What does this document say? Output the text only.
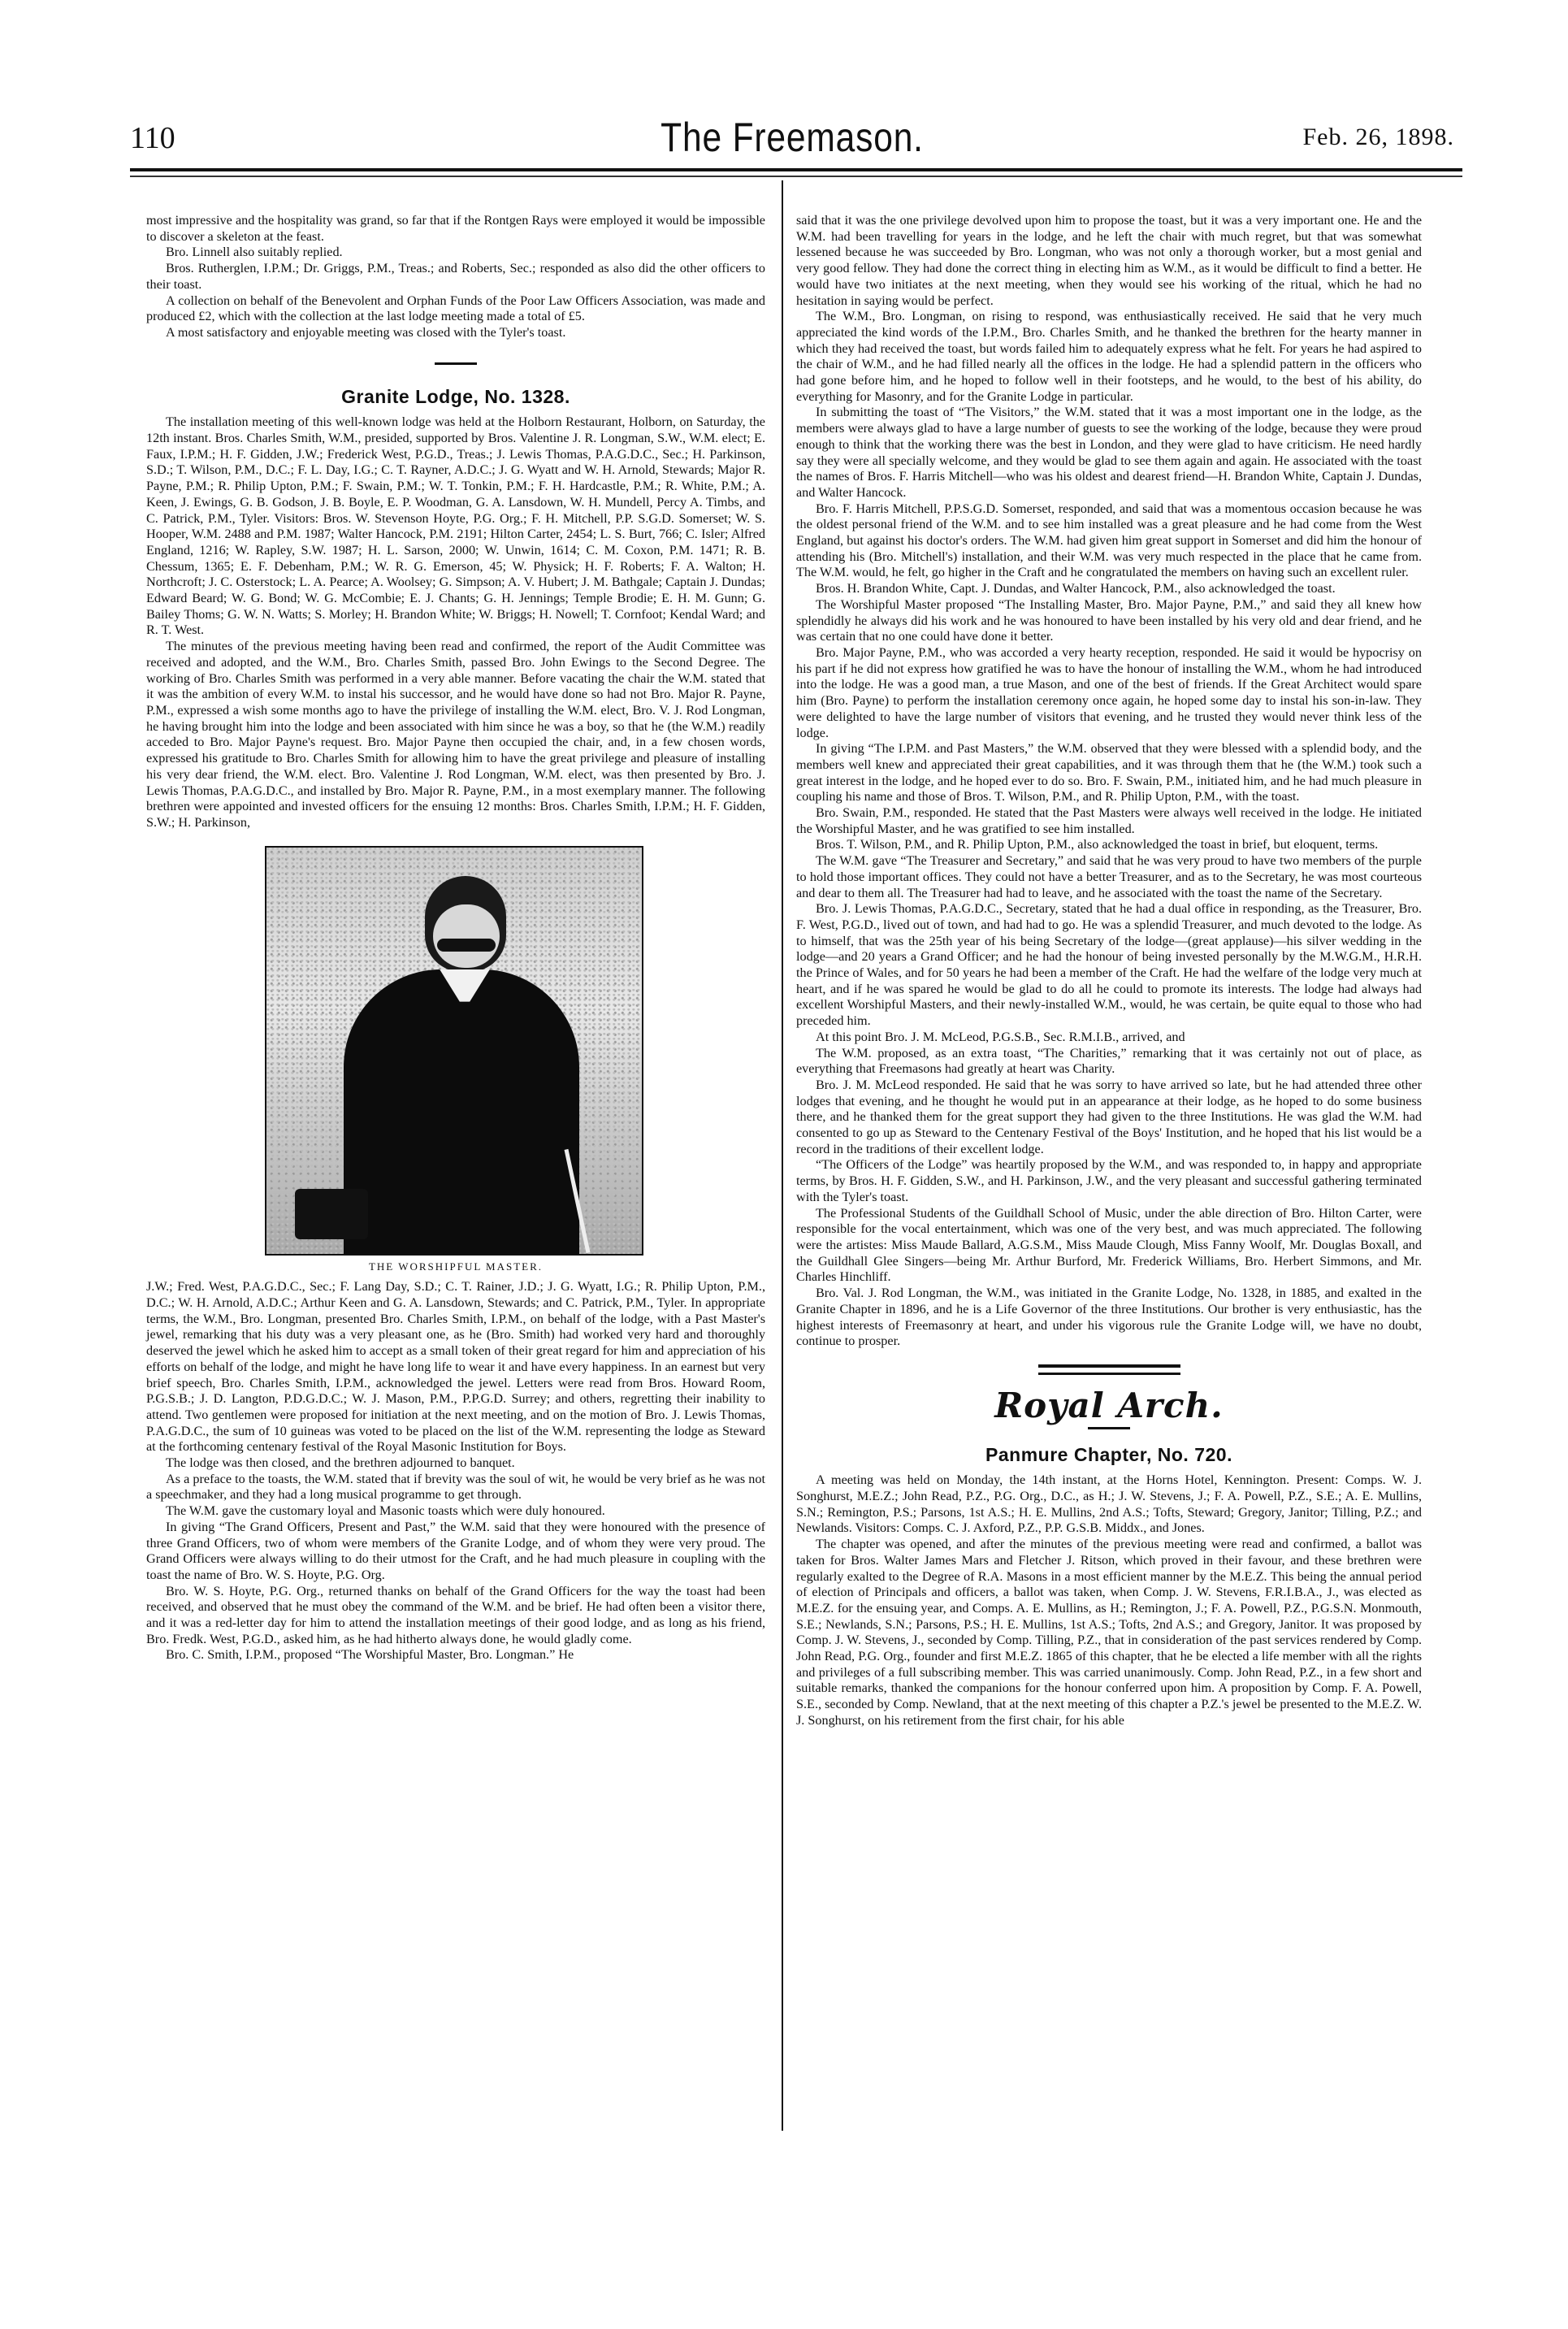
110	The Freemason.	Feb. 26, 1898.

most impressive and the hospitality was grand, so far that if the Rontgen Rays were employed it would be impossible to discover a skeleton at the feast.

Bro. Linnell also suitably replied.

Bros. Rutherglen, I.P.M.; Dr. Griggs, P.M., Treas.; and Roberts, Sec.; responded as also did the other officers to their toast.

A collection on behalf of the Benevolent and Orphan Funds of the Poor Law Officers Association, was made and produced £2, which with the collection at the last lodge meeting made a total of £5.

A most satisfactory and enjoyable meeting was closed with the Tyler's toast.

Granite Lodge, No. 1328.

The installation meeting of this well-known lodge was held at the Holborn Restaurant, Holborn, on Saturday, the 12th instant. Bros. Charles Smith, W.M., presided, supported by Bros. Valentine J. R. Longman, S.W., W.M. elect; E. Faux, I.P.M.; H. F. Gidden, J.W.; Frederick West, P.G.D., Treas.; J. Lewis Thomas, P.A.G.D.C., Sec.; H. Parkinson, S.D.; T. Wilson, P.M., D.C.; F. L. Day, I.G.; C. T. Rayner, A.D.C.; J. G. Wyatt and W. H. Arnold, Stewards; Major R. Payne, P.M.; R. Philip Upton, P.M.; F. Swain, P.M.; W. T. Tonkin, P.M.; F. H. Hardcastle, P.M.; R. White, P.M.; A. Keen, J. Ewings, G. B. Godson, J. B. Boyle, E. P. Woodman, G. A. Lansdown, W. H. Mundell, Percy A. Timbs, and C. Patrick, P.M., Tyler. Visitors: Bros. W. Stevenson Hoyte, P.G. Org.; F. H. Mitchell, P.P. S.G.D. Somerset; W. S. Hooper, W.M. 2488 and P.M. 1987; Walter Hancock, P.M. 2191; Hilton Carter, 2454; L. S. Burt, 766; C. Isler; Alfred England, 1216; W. Rapley, S.W. 1987; H. L. Sarson, 2000; W. Unwin, 1614; C. M. Coxon, P.M. 1471; R. B. Chessum, 1365; E. F. Debenham, P.M.; W. R. G. Emerson, 45; W. Physick; H. F. Roberts; F. A. Walton; H. Northcroft; J. C. Osterstock; L. A. Pearce; A. Woolsey; G. Simpson; A. V. Hubert; J. M. Bathgale; Captain J. Dundas; Edward Beard; W. G. Bond; W. G. McCombie; E. J. Chants; G. H. Jennings; Temple Brodie; E. H. M. Gunn; G. Bailey Thoms; G. W. N. Watts; S. Morley; H. Brandon White; W. Briggs; H. Nowell; T. Cornfoot; Kendal Ward; and R. T. West.

The minutes of the previous meeting having been read and confirmed, the report of the Audit Committee was received and adopted, and the W.M., Bro. Charles Smith, passed Bro. John Ewings to the Second Degree. The working of Bro. Charles Smith was performed in a very able manner. Before vacating the chair the W.M. stated that it was the ambition of every W.M. to instal his successor, and he would have done so had not Bro. Major R. Payne, P.M., expressed a wish some months ago to have the privilege of installing the W.M. elect, Bro. V. J. Rod Longman, he having brought him into the lodge and been associated with him since he was a boy, so that he (the W.M.) readily acceded to Bro. Major Payne's request. Bro. Major Payne then occupied the chair, and, in a few chosen words, expressed his gratitude to Bro. Charles Smith for allowing him to have the great privilege and pleasure of installing his very dear friend, the W.M. elect. Bro. Valentine J. Rod Longman, W.M. elect, was then presented by Bro. J. Lewis Thomas, P.A.G.D.C., and installed by Bro. Major R. Payne, P.M., in a most exemplary manner. The following brethren were appointed and invested officers for the ensuing 12 months: Bros. Charles Smith, I.P.M.; H. F. Gidden, S.W.; H. Parkinson,

THE WORSHIPFUL MASTER.

J.W.; Fred. West, P.A.G.D.C., Sec.; F. Lang Day, S.D.; C. T. Rainer, J.D.; J. G. Wyatt, I.G.; R. Philip Upton, P.M., D.C.; W. H. Arnold, A.D.C.; Arthur Keen and G. A. Lansdown, Stewards; and C. Patrick, P.M., Tyler. In appropriate terms, the W.M., Bro. Longman, presented Bro. Charles Smith, I.P.M., on behalf of the lodge, with a Past Master's jewel, remarking that his duty was a very pleasant one, as he (Bro. Smith) had worked very hard and thoroughly deserved the jewel which he asked him to accept as a small token of their great regard for him and appreciation of his efforts on behalf of the lodge, and might he have long life to wear it and have every happiness. In an earnest but very brief speech, Bro. Charles Smith, I.P.M., acknowledged the jewel. Letters were read from Bros. Howard Room, P.G.S.B.; J. D. Langton, P.D.G.D.C.; W. J. Mason, P.M., P.P.G.D. Surrey; and others, regretting their inability to attend. Two gentlemen were proposed for initiation at the next meeting, and on the motion of Bro. J. Lewis Thomas, P.A.G.D.C., the sum of 10 guineas was voted to be placed on the list of the W.M. representing the lodge as Steward at the forthcoming centenary festival of the Royal Masonic Institution for Boys.

The lodge was then closed, and the brethren adjourned to banquet.

As a preface to the toasts, the W.M. stated that if brevity was the soul of wit, he would be very brief as he was not a speechmaker, and they had a long musical programme to get through.

The W.M. gave the customary loyal and Masonic toasts which were duly honoured.

In giving “The Grand Officers, Present and Past,” the W.M. said that they were honoured with the presence of three Grand Officers, two of whom were members of the Granite Lodge, and of whom they were very proud. The Grand Officers were always willing to do their utmost for the Craft, and he had much pleasure in coupling with the toast the name of Bro. W. S. Hoyte, P.G. Org.

Bro. W. S. Hoyte, P.G. Org., returned thanks on behalf of the Grand Officers for the way the toast had been received, and observed that he must obey the command of the W.M. and be brief. He had often been a visitor there, and it was a red-letter day for him to attend the installation meetings of their good lodge, and as long as his friend, Bro. Fredk. West, P.G.D., asked him, as he had hitherto always done, he would gladly come.

Bro. C. Smith, I.P.M., proposed “The Worshipful Master, Bro. Longman.” He

said that it was the one privilege devolved upon him to propose the toast, but it was a very important one. He and the W.M. had been travelling for years in the lodge, and he left the chair with much regret, but that was somewhat lessened because he was succeeded by Bro. Longman, who was not only a thorough worker, but a most genial and very good fellow. They had done the correct thing in electing him as W.M., as it would be difficult to find a better. He would have two initiates at the next meeting, when they would see his working of the ritual, which he had no hesitation in saying would be perfect.

The W.M., Bro. Longman, on rising to respond, was enthusiastically received. He said that he very much appreciated the kind words of the I.P.M., Bro. Charles Smith, and he thanked the brethren for the hearty manner in which they had received the toast, but words failed him to adequately express what he felt. For years he had aspired to the chair of W.M., and he had filled nearly all the offices in the lodge. He had a splendid pattern in the officers who had gone before him, and he hoped to follow well in their footsteps, and he would, to the best of his ability, do everything for Masonry, and for the Granite Lodge in particular.

In submitting the toast of “The Visitors,” the W.M. stated that it was a most important one in the lodge, as the members were always glad to have a large number of guests to see the working of the lodge, because they were proud enough to think that the working there was the best in London, and they were glad to have criticism. He need hardly say they were all specially welcome, and they would be glad to see them again and again. He associated with the toast the names of Bros. F. Harris Mitchell—who was his oldest and dearest friend—H. Brandon White, Captain J. Dundas, and Walter Hancock.

Bro. F. Harris Mitchell, P.P.S.G.D. Somerset, responded, and said that was a momentous occasion because he was the oldest personal friend of the W.M. and to see him installed was a great pleasure and he had come from the West England, but against his doctor's orders. The W.M. had given him great support in Somerset and did him the honour of attending his (Bro. Mitchell's) installation, and their W.M. was very much respected in the place that he came from. The W.M. would, he felt, go higher in the Craft and he congratulated the members on having such an excellent ruler.

Bros. H. Brandon White, Capt. J. Dundas, and Walter Hancock, P.M., also acknowledged the toast.

The Worshipful Master proposed “The Installing Master, Bro. Major Payne, P.M.,” and said they all knew how splendidly he always did his work and he was honoured to have been installed by his very old and dear friend, and he was certain that no one could have done it better.

Bro. Major Payne, P.M., who was accorded a very hearty reception, responded. He said it would be hypocrisy on his part if he did not express how gratified he was to have the honour of installing the W.M., whom he had introduced into the lodge. He was a good man, a true Mason, and one of the best of friends. If the Great Architect would spare him (Bro. Payne) to perform the installation ceremony once again, he hoped some day to instal his son-in-law. They were delighted to have the large number of visitors that evening, and he trusted they would never think less of the lodge.

In giving “The I.P.M. and Past Masters,” the W.M. observed that they were blessed with a splendid body, and the members well knew and appreciated their great capabilities, and it was through them that he (the W.M.) took such a great interest in the lodge, and he hoped ever to do so. Bro. F. Swain, P.M., initiated him, and he had much pleasure in coupling his name and those of Bros. T. Wilson, P.M., and R. Philip Upton, P.M., with the toast.

Bro. Swain, P.M., responded. He stated that the Past Masters were always well received in the lodge. He initiated the Worshipful Master, and he was gratified to see him installed.

Bros. T. Wilson, P.M., and R. Philip Upton, P.M., also acknowledged the toast in brief, but eloquent, terms.

The W.M. gave “The Treasurer and Secretary,” and said that he was very proud to have two members of the purple to hold those important offices. They could not have a better Treasurer, and as to the Secretary, he was most courteous and dear to them all. The Treasurer had had to leave, and he associated with the toast the name of the Secretary.

Bro. J. Lewis Thomas, P.A.G.D.C., Secretary, stated that he had a dual office in responding, as the Treasurer, Bro. F. West, P.G.D., lived out of town, and had had to go. He was a splendid Treasurer, and much devoted to the lodge. As to himself, that was the 25th year of his being Secretary of the lodge—(great applause)—his silver wedding in the lodge—and 20 years a Grand Officer; and he had the honour of being invested personally by the M.W.G.M., H.R.H. the Prince of Wales, and for 50 years he had been a member of the Craft. He had the welfare of the lodge very much at heart, and if he was spared he would be glad to do all he could to promote its interests. The lodge had always had excellent Worshipful Masters, and their newly-installed W.M., would, he was certain, be quite equal to those who had preceded him.

At this point Bro. J. M. McLeod, P.G.S.B., Sec. R.M.I.B., arrived, and

The W.M. proposed, as an extra toast, “The Charities,” remarking that it was certainly not out of place, as everything that Freemasons had greatly at heart was Charity.

Bro. J. M. McLeod responded. He said that he was sorry to have arrived so late, but he had attended three other lodges that evening, and he thought he would put in an appearance at their lodge, as he hoped to do some business there, and he thanked them for the great support they had given to the three Institutions. He was glad the W.M. had consented to go up as Steward to the Centenary Festival of the Boys' Institution, and he hoped that his list would be a record in the traditions of their excellent lodge.

“The Officers of the Lodge” was heartily proposed by the W.M., and was responded to, in happy and appropriate terms, by Bros. H. F. Gidden, S.W., and H. Parkinson, J.W., and the very pleasant and successful gathering terminated with the Tyler's toast.

The Professional Students of the Guildhall School of Music, under the able direction of Bro. Hilton Carter, were responsible for the vocal entertainment, which was one of the very best, and was much appreciated. The following were the artistes: Miss Maude Ballard, A.G.S.M., Miss Maude Clough, Miss Fanny Woolf, Mr. Douglas Boxall, and the Guildhall Glee Singers—being Mr. Arthur Burford, Mr. Frederick Williams, Bro. Herbert Simmons, and Mr. Charles Hinchliff.

Bro. Val. J. Rod Longman, the W.M., was initiated in the Granite Lodge, No. 1328, in 1885, and exalted in the Granite Chapter in 1896, and he is a Life Governor of the three Institutions. Our brother is very enthusiastic, has the highest interests of Freemasonry at heart, and under his vigorous rule the Granite Lodge will, we have no doubt, continue to prosper.

Royal Arch.
Panmure Chapter, No. 720.

A meeting was held on Monday, the 14th instant, at the Horns Hotel, Kennington. Present: Comps. W. J. Songhurst, M.E.Z.; John Read, P.Z., P.G. Org., D.C., as H.; J. W. Stevens, J.; F. A. Powell, P.Z., S.E.; A. E. Mullins, S.N.; Remington, P.S.; Parsons, 1st A.S.; H. E. Mullins, 2nd A.S.; Tofts, Steward; Gregory, Janitor; Tilling, P.Z.; and Newlands. Visitors: Comps. C. J. Axford, P.Z., P.P. G.S.B. Middx., and Jones.

The chapter was opened, and after the minutes of the previous meeting were read and confirmed, a ballot was taken for Bros. Walter James Mars and Fletcher J. Ritson, which proved in their favour, and these brethren were regularly exalted to the Degree of R.A. Masons in a most efficient manner by the M.E.Z. This being the annual period of election of Principals and officers, a ballot was taken, when Comp. J. W. Stevens, F.R.I.B.A., J., was elected as M.E.Z. for the ensuing year, and Comps. A. E. Mullins, as H.; Remington, J.; F. A. Powell, P.Z., P.G.S.N. Monmouth, S.E.; Newlands, S.N.; Parsons, P.S.; H. E. Mullins, 1st A.S.; Tofts, 2nd A.S.; and Gregory, Janitor. It was proposed by Comp. J. W. Stevens, J., seconded by Comp. Tilling, P.Z., that in consideration of the past services rendered by Comp. John Read, P.G. Org., founder and first M.E.Z. 1865 of this chapter, that he be elected a life member with all the rights and privileges of a full subscribing member. This was carried unanimously. Comp. John Read, P.Z., in a few short and suitable remarks, thanked the companions for the honour conferred upon him. A proposition by Comp. F. A. Powell, S.E., seconded by Comp. Newland, that at the next meeting of this chapter a P.Z.'s jewel be presented to the M.E.Z. W. J. Songhurst, on his retirement from the first chair, for his able
